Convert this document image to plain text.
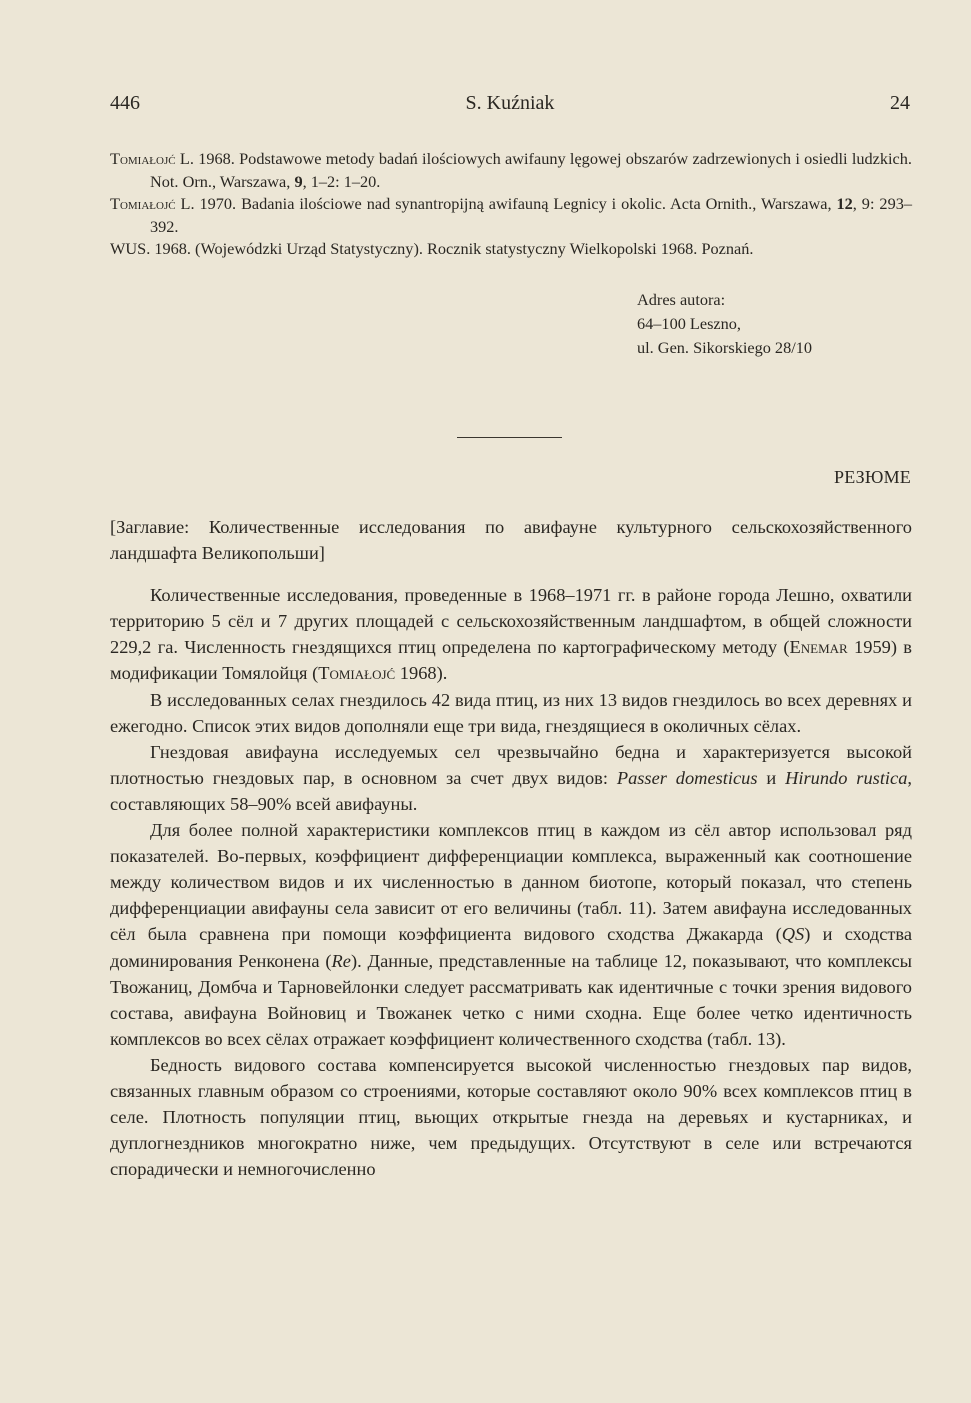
446	S. Kuźniak	24
Tomiałojć L. 1968. Podstawowe metody badań ilościowych awifauny lęgowej obszarów zadrzewionych i osiedli ludzkich. Not. Orn., Warszawa, 9, 1–2: 1–20.
Tomiałojć L. 1970. Badania ilościowe nad synantropijną awifauną Legnicy i okolic. Acta Ornith., Warszawa, 12, 9: 293–392.
WUS. 1968. (Wojewódzki Urząd Statystyczny). Rocznik statystyczny Wielkopolski 1968. Poznań.
Adres autora:
64–100 Leszno,
ul. Gen. Sikorskiego 28/10
РЕЗЮМЕ

[Заглавие: Количественные исследования по авифауне культурного сельскохозяйственного ландшафта Великопольши]

Количественные исследования, проведенные в 1968–1971 гг. в районе города Лешно, охватили территорию 5 сёл и 7 других площадей с сельскохозяйственным ландшафтом, в общей сложности 229,2 га. Численность гнездящихся птиц определена по картографическому методу (Enemar 1959) в модификации Томялойця (Tomiałojć 1968).

В исследованных селах гнездилось 42 вида птиц, из них 13 видов гнездилось во всех деревнях и ежегодно. Список этих видов дополняли еще три вида, гнездящиеся в околичных сёлах.

Гнездовая авифауна исследуемых сел чрезвычайно бедна и характеризуется высокой плотностью гнездовых пар, в основном за счет двух видов: Passer domesticus и Hirundo rustica, составляющих 58–90% всей авифауны.

Для более полной характеристики комплексов птиц в каждом из сёл автор использовал ряд показателей. Во-первых, коэффициент дифференциации комплекса, выраженный как соотношение между количеством видов и их численностью в данном биотопе, который показал, что степень дифференциации авифауны села зависит от его величины (табл. 11). Затем авифауна исследованных сёл была сравнена при помощи коэффициента видового сходства Джакарда (QS) и сходства доминирования Ренконена (Re). Данные, представленные на таблице 12, показывают, что комплексы Твожаниц, Домбча и Тарновейлонки следует рассматривать как идентичные с точки зрения видового состава, авифауна Войновиц и Твожанек четко с ними сходна. Еще более четко идентичность комплексов во всех сёлах отражает коэффициент количественного сходства (табл. 13).

Бедность видового состава компенсируется высокой численностью гнездовых пар видов, связанных главным образом со строениями, которые составляют около 90% всех комплексов птиц в селе. Плотность популяции птиц, вьющих открытые гнезда на деревьях и кустарниках, и дуплогнездников многократно ниже, чем предыдущих. Отсутствуют в селе или встречаются спорадически и немногочисленно
